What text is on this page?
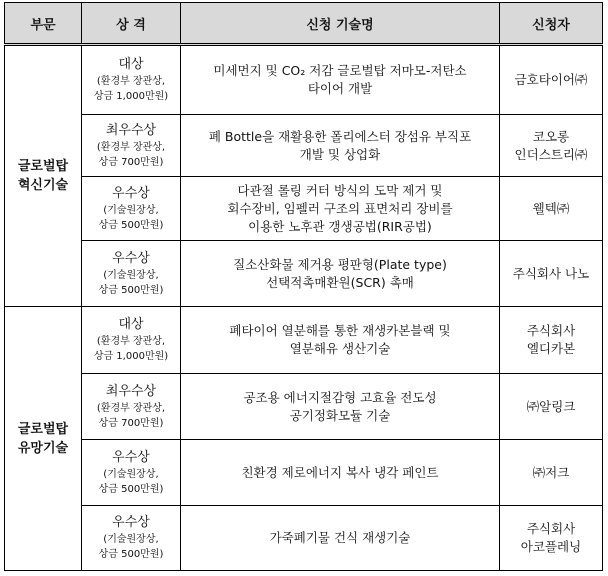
부문	상 격	신청 기술명	신청자
글로벌탑
혁신기술	대상
(환경부 장관상,
상금 1,000만원)	미세먼지 및 CO₂ 저감 글로벌탑 저마모-저탄소
타이어 개발	금호타이어㈜

	최우수상
(환경부 장관상,
상금 700만원)	폐 Bottle을 재활용한 폴리에스터 장섬유 부직포
개발 및 상업화	코오롱
인더스트리㈜

	우수상
(기술원장상,
상금 500만원)	다관절 롤링 커터 방식의 도막 제거 및
회수장비, 임펠러 구조의 표면처리 장비를
이용한 노후관 갱생공법(RIR공법)	웰텍㈜

	우수상
(기술원장상,
상금 500만원)	질소산화물 제거용 평판형(Plate type)
선택적촉매환원(SCR) 촉매	주식회사 나노
글로벌탑
유망기술	대상
(환경부 장관상,
상금 1,000만원)	폐타이어 열분해를 통한 재생카본블랙 및
열분해유 생산기술	주식회사
엘디카본

	최우수상
(환경부 장관상,
상금 700만원)	공조용 에너지절감형 고효율 전도성
공기정화모듈 기술	㈜알링크

	우수상
(기술원장상,
상금 500만원)	친환경 제로에너지 복사 냉각 페인트	㈜저크

	우수상
(기술원장상,
상금 500만원)	가죽폐기물 건식 재생기술	주식회사
아코플레닝
